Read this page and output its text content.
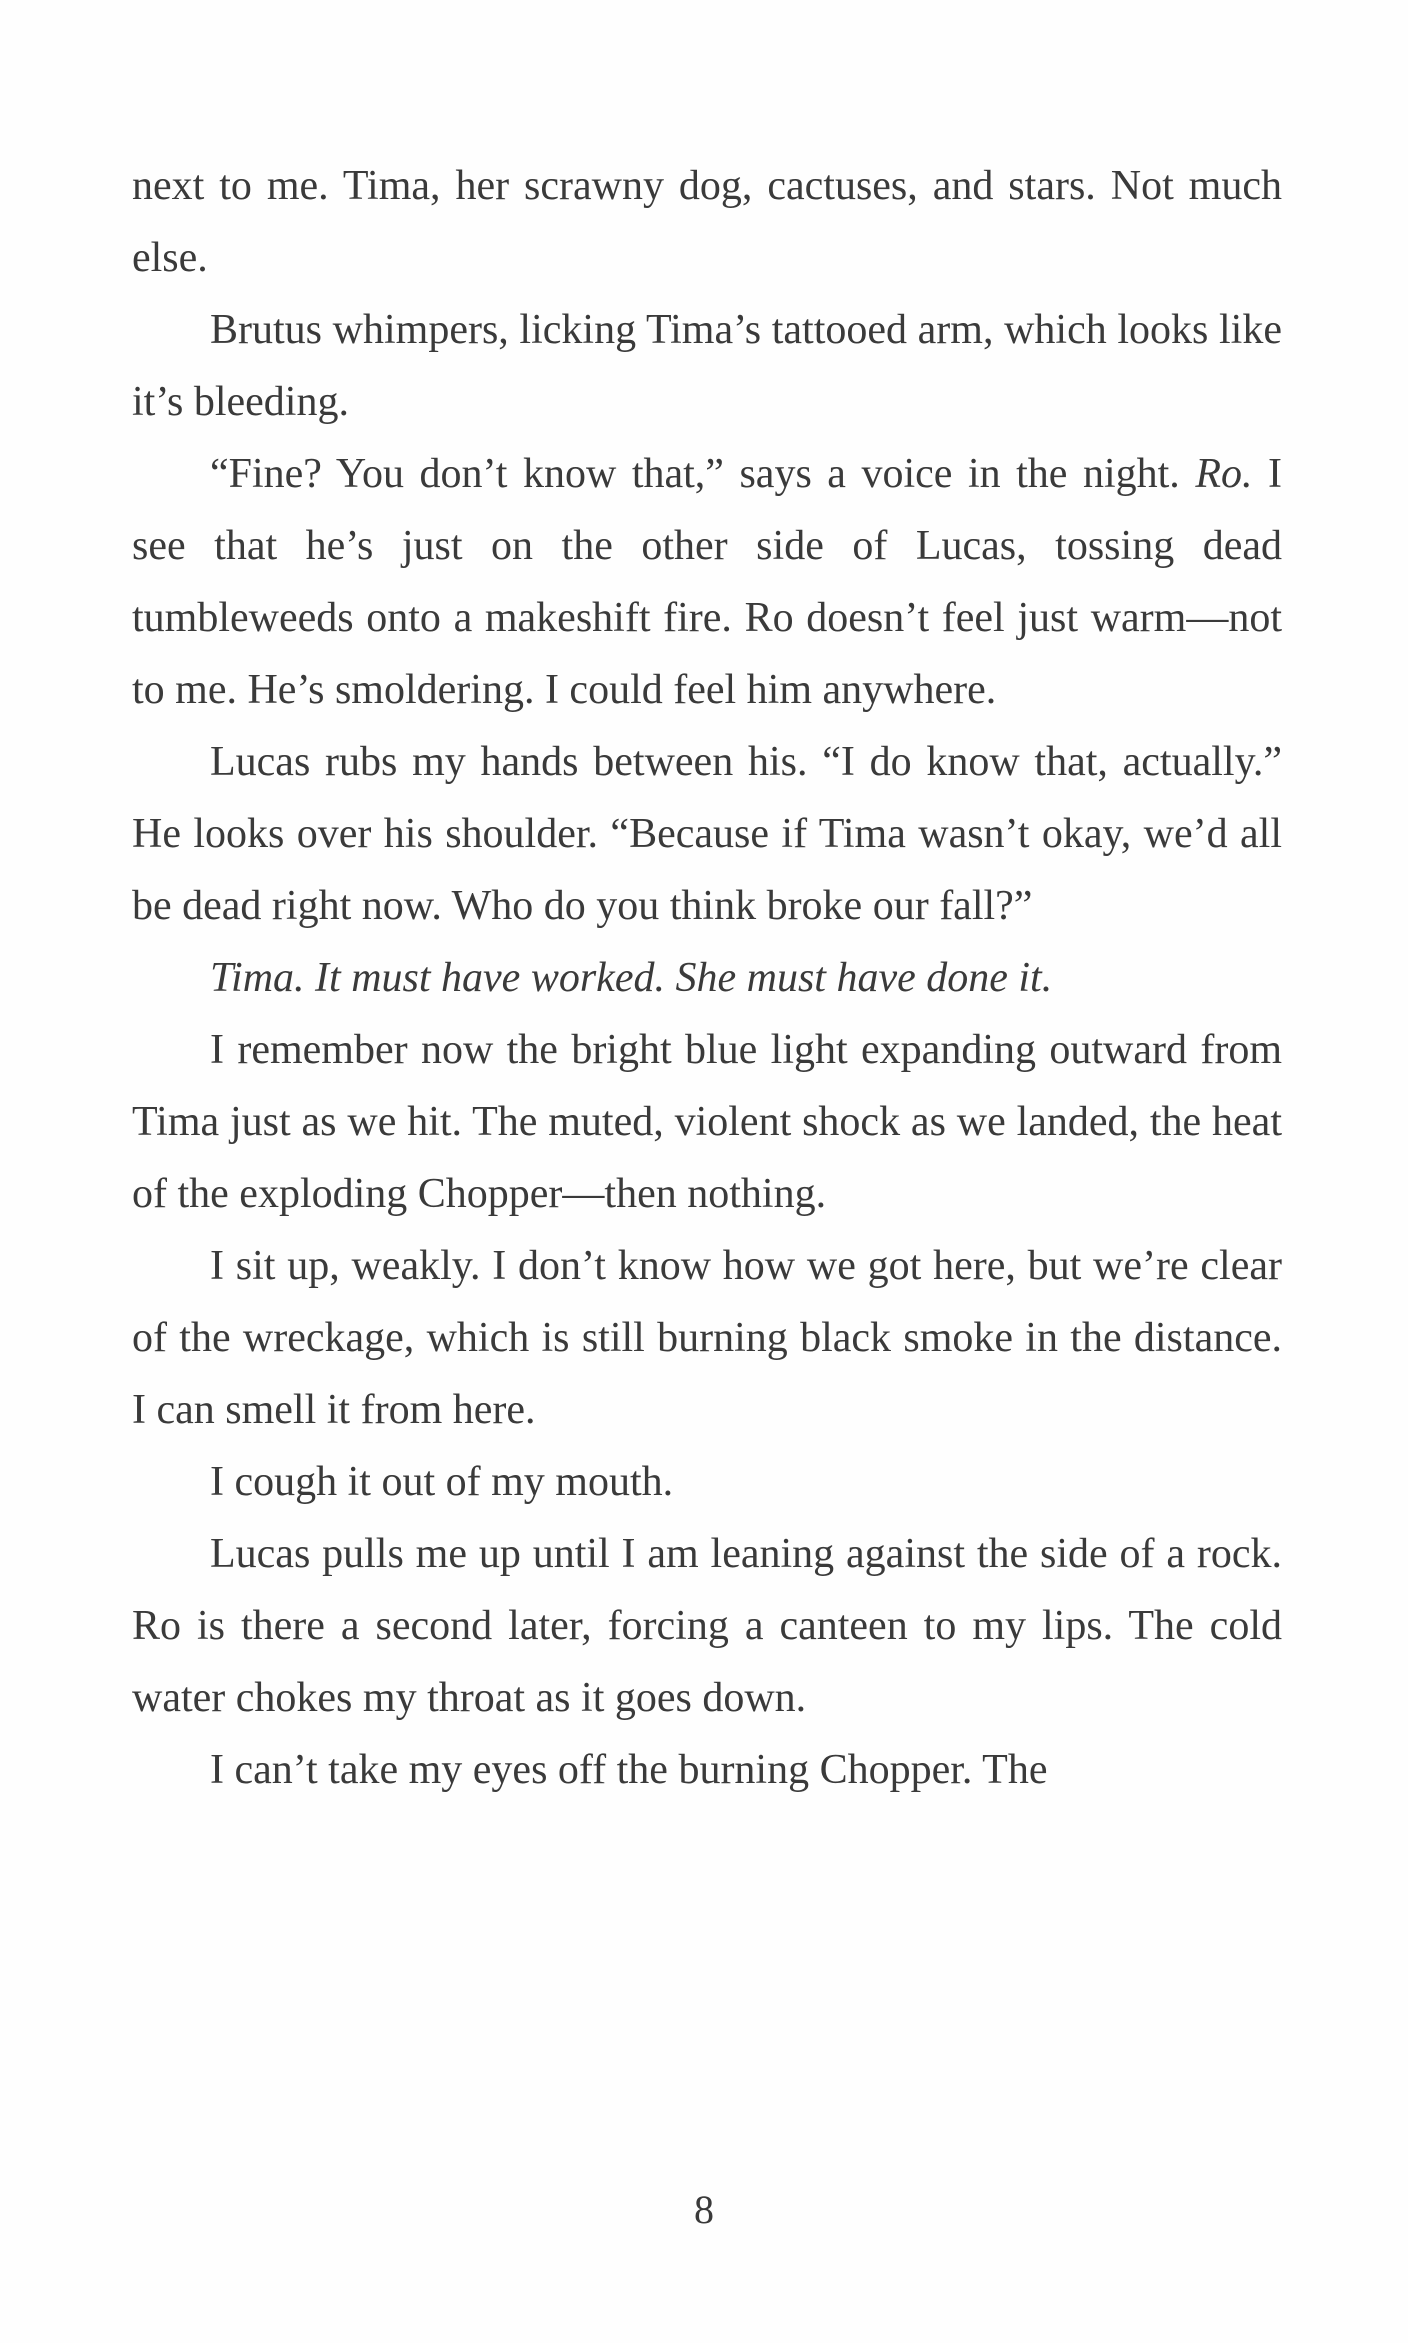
next to me. Tima, her scrawny dog, cactuses, and stars. Not much else.

Brutus whimpers, licking Tima’s tattooed arm, which looks like it’s bleeding.

“Fine? You don’t know that,” says a voice in the night. Ro. I see that he’s just on the other side of Lucas, tossing dead tumbleweeds onto a makeshift fire. Ro doesn’t feel just warm—not to me. He’s smoldering. I could feel him anywhere.

Lucas rubs my hands between his. “I do know that, actually.” He looks over his shoulder. “Because if Tima wasn’t okay, we’d all be dead right now. Who do you think broke our fall?”

Tima. It must have worked. She must have done it.

I remember now the bright blue light expanding outward from Tima just as we hit. The muted, violent shock as we landed, the heat of the exploding Chopper—then nothing.

I sit up, weakly. I don’t know how we got here, but we’re clear of the wreckage, which is still burning black smoke in the distance. I can smell it from here.

I cough it out of my mouth.

Lucas pulls me up until I am leaning against the side of a rock. Ro is there a second later, forcing a canteen to my lips. The cold water chokes my throat as it goes down.

I can’t take my eyes off the burning Chopper. The

8
